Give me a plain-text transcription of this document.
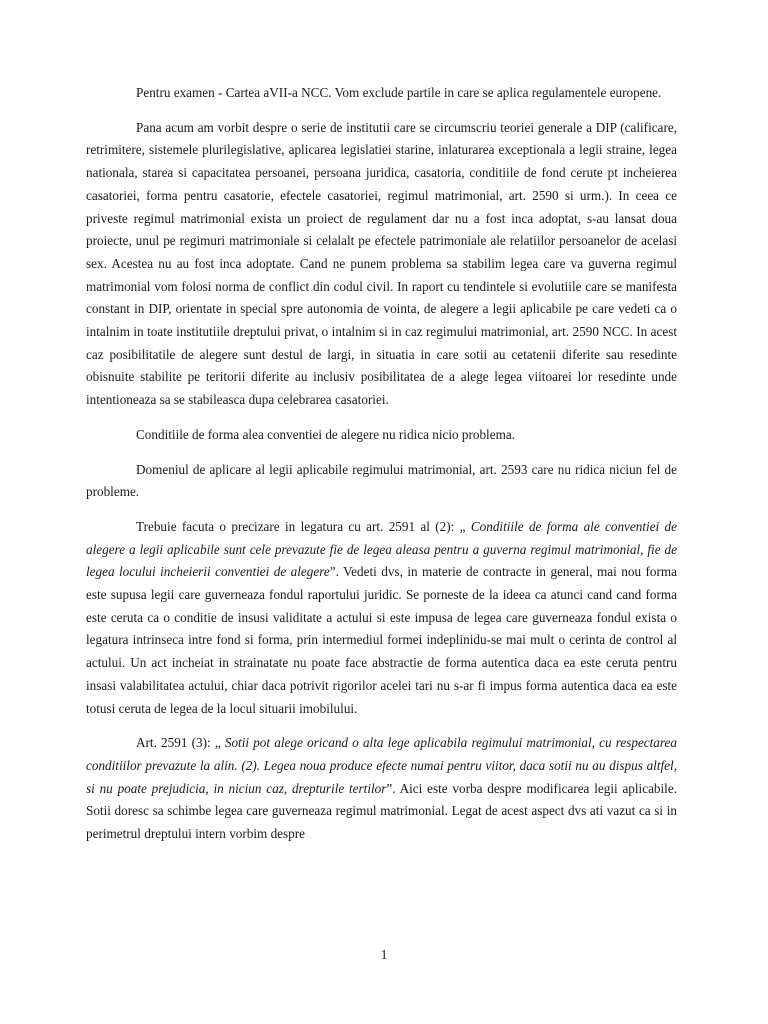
Pentru examen - Cartea aVII-a NCC. Vom exclude partile in care se aplica regulamentele europene.

Pana acum am vorbit despre o serie de institutii care se circumscriu teoriei generale a DIP (calificare, retrimitere, sistemele plurilegislative, aplicarea legislatiei starine, inlaturarea exceptionala a legii straine, legea nationala, starea si capacitatea persoanei, persoana juridica, casatoria, conditiile de fond cerute pt incheierea casatoriei, forma pentru casatorie, efectele casatoriei, regimul matrimonial, art. 2590 si urm.). In ceea ce priveste regimul matrimonial exista un proiect de regulament dar nu a fost inca adoptat, s-au lansat doua proiecte, unul pe regimuri matrimoniale si celalalt pe efectele patrimoniale ale relatiilor persoanelor de acelasi sex. Acestea nu au fost inca adoptate. Cand ne punem problema sa stabilim legea care va guverna regimul matrimonial vom folosi norma de conflict din codul civil. In raport cu tendintele si evolutiile care se manifesta constant in DIP, orientate in special spre autonomia de vointa, de alegere a legii aplicabile pe care vedeti ca o intalnim in toate institutiile dreptului privat, o intalnim si in caz regimului matrimonial, art. 2590 NCC. In acest caz posibilitatile de alegere sunt destul de largi, in situatia in care sotii au cetatenii diferite sau resedinte obisnuite stabilite pe teritorii diferite au inclusiv posibilitatea de a alege legea viitoarei lor resedinte unde intentioneaza sa se stabileasca dupa celebrarea casatoriei.

Conditiile de forma alea conventiei de alegere nu ridica nicio problema.

Domeniul de aplicare al legii aplicabile regimului matrimonial, art. 2593 care nu ridica niciun fel de probleme.

Trebuie facuta o precizare in legatura cu art. 2591 al (2): „ Conditiile de forma ale conventiei de alegere a legii aplicabile sunt cele prevazute fie de legea aleasa pentru a guverna regimul matrimonial, fie de legea locului incheierii conventiei de alegere”. Vedeti dvs, in materie de contracte in general, mai nou forma este supusa legii care guverneaza fondul raportului juridic. Se porneste de la ideea ca atunci cand cand forma este ceruta ca o conditie de insusi validitate a actului si este impusa de legea care guverneaza fondul exista o legatura intrinseca intre fond si forma, prin intermediul formei indeplinidu-se mai mult o cerinta de control al actului. Un act incheiat in strainatate nu poate face abstractie de forma autentica daca ea este ceruta pentru insasi valabilitatea actului, chiar daca potrivit rigorilor acelei tari nu s-ar fi impus forma autentica daca ea este totusi ceruta de legea de la locul situarii imobilului.

Art. 2591 (3): „ Sotii pot alege oricand o alta lege aplicabila regimului matrimonial, cu respectarea conditiilor prevazute la alin. (2). Legea noua produce efecte numai pentru viitor, daca sotii nu au dispus altfel, si nu poate prejudicia, in niciun caz, drepturile tertilor”. Aici este vorba despre modificarea legii aplicabile. Sotii doresc sa schimbe legea care guverneaza regimul matrimonial. Legat de acest aspect dvs ati vazut ca si in perimetrul dreptului intern vorbim despre

1
